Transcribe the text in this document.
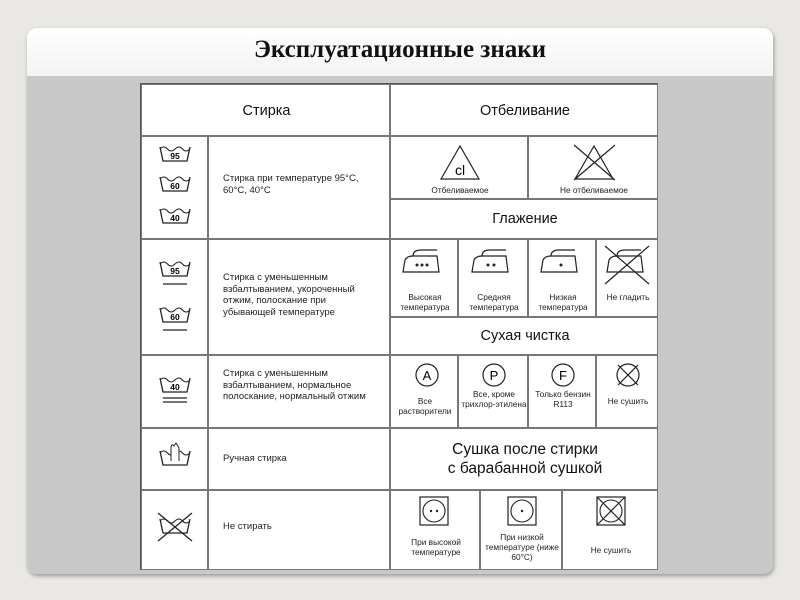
Эксплуатационные знаки
Стирка
95
60
40
Стирка при температуре 95°С, 60°С, 40°С
95
60
Стирка с уменьшенным взбалтыванием, укороченный отжим, полоскание при убывающей температуре
40
Стирка с уменьшенным взбалтыванием, нормальное полоскание, нормальный отжим
Ручная стирка
Не стирать
Отбеливание
cl
Отбеливаемое	Не отбеливаемое
Глажение
Высокая температура
Средняя температура
Низкая температура
Не гладить
Сухая чистка
A
Все растворители
P
Все, кроме трихлор-этилена
F
Только бензин R113	Не сушить
Сушка после стирки
с барабанной сушкой
При высокой температуре
При низкой температуре (ниже 60°С)
Не сушить
